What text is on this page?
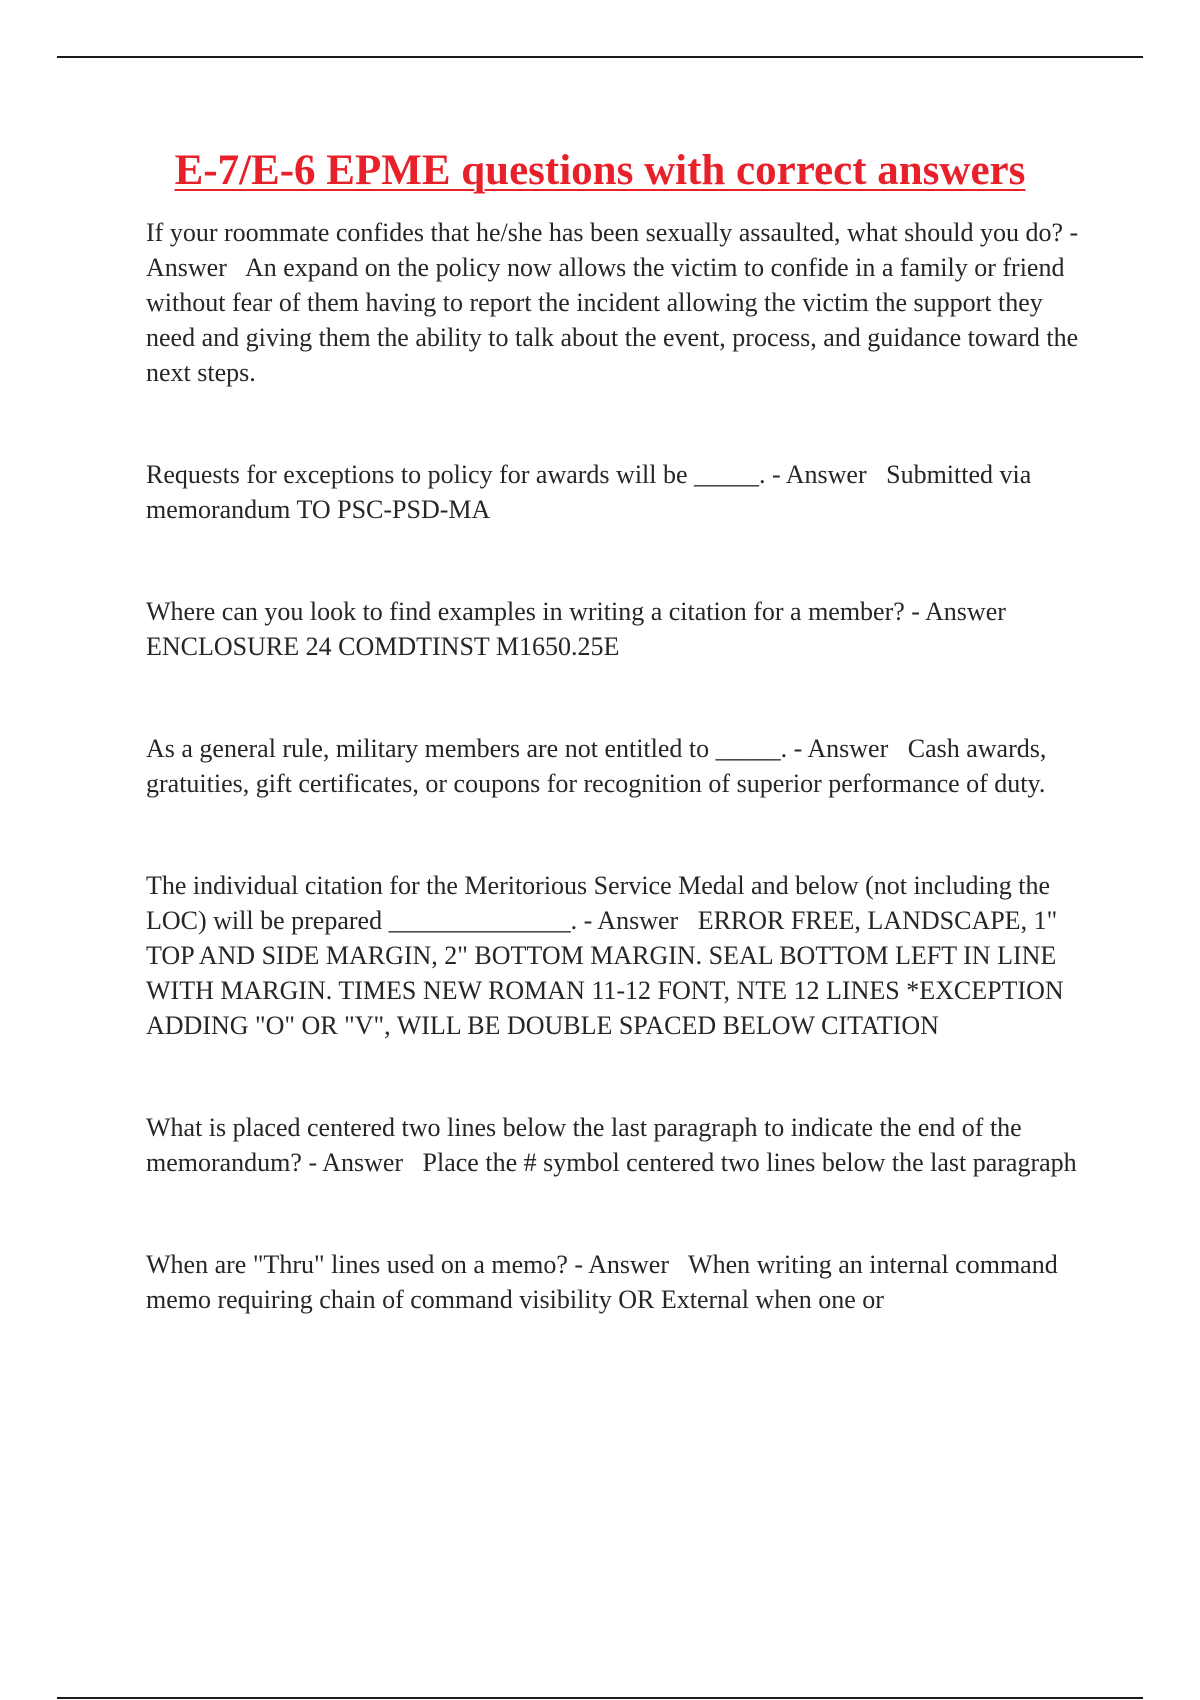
E-7/E-6 EPME questions with correct answers
If your roommate confides that he/she has been sexually assaulted, what should you do? - Answer An expand on the policy now allows the victim to confide in a family or friend without fear of them having to report the incident allowing the victim the support they need and giving them the ability to talk about the event, process, and guidance toward the next steps.
Requests for exceptions to policy for awards will be _____. - Answer Submitted via memorandum TO PSC-PSD-MA
Where can you look to find examples in writing a citation for a member? - Answer ENCLOSURE 24 COMDTINST M1650.25E
As a general rule, military members are not entitled to _____. - Answer Cash awards, gratuities, gift certificates, or coupons for recognition of superior performance of duty.
The individual citation for the Meritorious Service Medal and below (not including the LOC) will be prepared ______________. - Answer ERROR FREE, LANDSCAPE, 1" TOP AND SIDE MARGIN, 2" BOTTOM MARGIN. SEAL BOTTOM LEFT IN LINE WITH MARGIN. TIMES NEW ROMAN 11-12 FONT, NTE 12 LINES *EXCEPTION ADDING "O" OR "V", WILL BE DOUBLE SPACED BELOW CITATION
What is placed centered two lines below the last paragraph to indicate the end of the memorandum? - Answer Place the # symbol centered two lines below the last paragraph
When are "Thru" lines used on a memo? - Answer When writing an internal command memo requiring chain of command visibility OR External when one or
